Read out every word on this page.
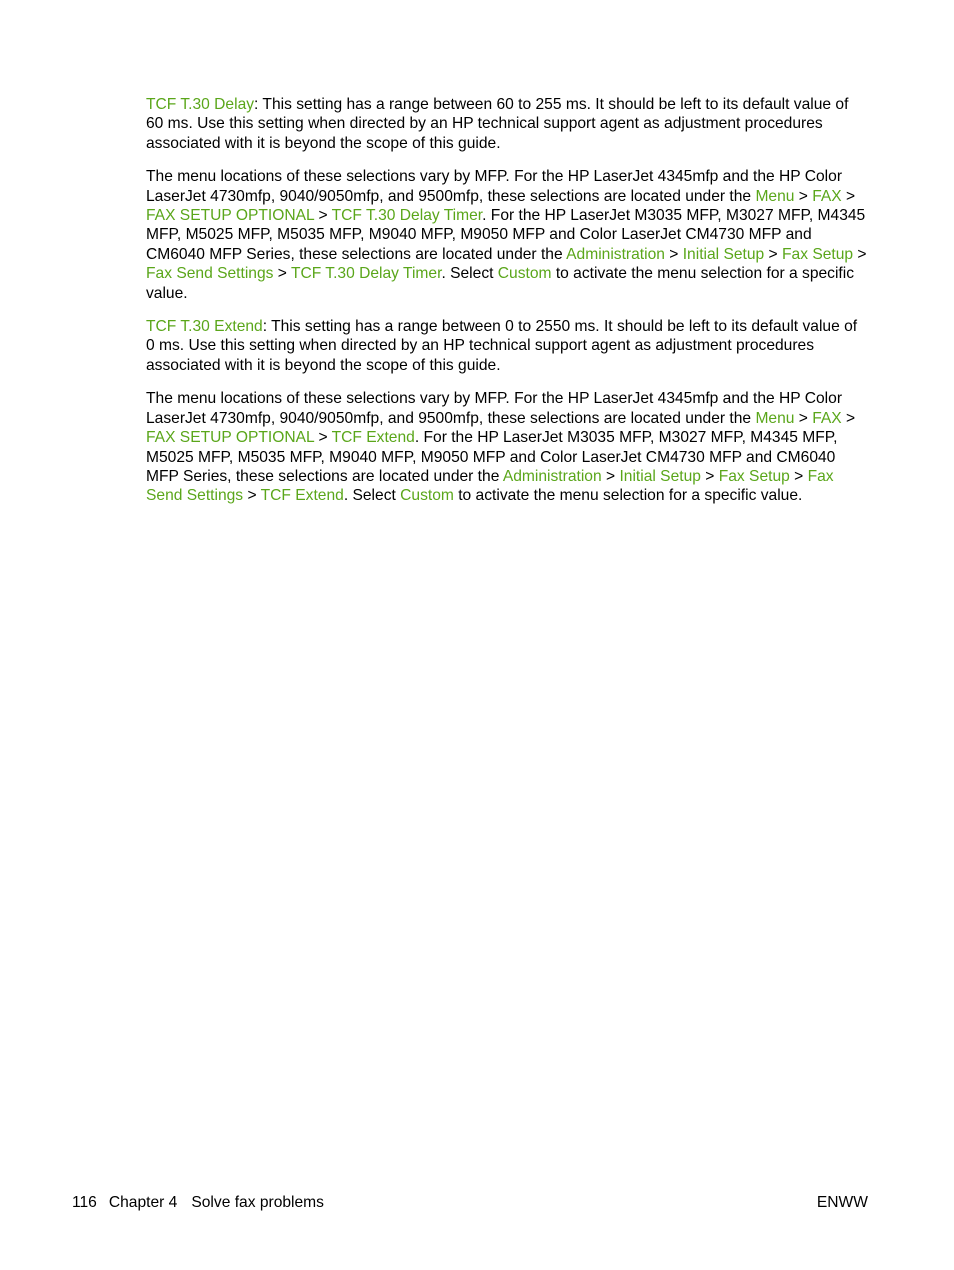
TCF T.30 Delay: This setting has a range between 60 to 255 ms. It should be left to its default value of 60 ms. Use this setting when directed by an HP technical support agent as adjustment procedures associated with it is beyond the scope of this guide.

The menu locations of these selections vary by MFP. For the HP LaserJet 4345mfp and the HP Color LaserJet 4730mfp, 9040/9050mfp, and 9500mfp, these selections are located under the Menu > FAX > FAX SETUP OPTIONAL > TCF T.30 Delay Timer. For the HP LaserJet M3035 MFP, M3027 MFP, M4345 MFP, M5025 MFP, M5035 MFP, M9040 MFP, M9050 MFP and Color LaserJet CM4730 MFP and CM6040 MFP Series, these selections are located under the Administration > Initial Setup > Fax Setup > Fax Send Settings > TCF T.30 Delay Timer. Select Custom to activate the menu selection for a specific value.

TCF T.30 Extend: This setting has a range between 0 to 2550 ms. It should be left to its default value of 0 ms. Use this setting when directed by an HP technical support agent as adjustment procedures associated with it is beyond the scope of this guide.

The menu locations of these selections vary by MFP. For the HP LaserJet 4345mfp and the HP Color LaserJet 4730mfp, 9040/9050mfp, and 9500mfp, these selections are located under the Menu > FAX > FAX SETUP OPTIONAL > TCF Extend. For the HP LaserJet M3035 MFP, M3027 MFP, M4345 MFP, M5025 MFP, M5035 MFP, M9040 MFP, M9050 MFP and Color LaserJet CM4730 MFP and CM6040 MFP Series, these selections are located under the Administration > Initial Setup > Fax Setup > Fax Send Settings > TCF Extend. Select Custom to activate the menu selection for a specific value.

116 Chapter 4 Solve fax problems	ENWW
